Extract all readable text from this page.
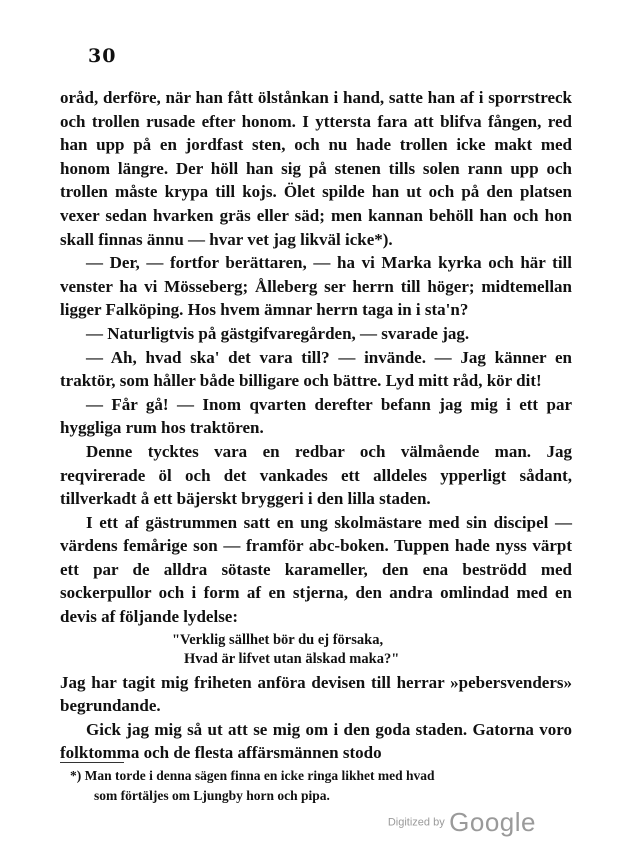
30

oråd, derföre, när han fått ölstånkan i hand, satte han af i sporrstreck och trollen rusade efter honom. I yttersta fara att blifva fången, red han upp på en jordfast sten, och nu hade trollen icke makt med honom längre. Der höll han sig på stenen tills solen rann upp och trollen måste krypa till kojs. Ölet spilde han ut och på den platsen vexer sedan hvarken gräs eller säd; men kannan behöll han och hon skall finnas ännu — hvar vet jag likväl icke*).

— Der, — fortfor berättaren, — ha vi Marka kyrka och här till venster ha vi Mösseberg; Ålleberg ser herrn till höger; midtemellan ligger Falköping. Hos hvem ämnar herrn taga in i sta'n?

— Naturligtvis på gästgifvaregården, — svarade jag.

— Ah, hvad ska' det vara till? — invände. — Jag känner en traktör, som håller både billigare och bättre. Lyd mitt råd, kör dit!

— Får gå! — Inom qvarten derefter befann jag mig i ett par hyggliga rum hos traktören.

Denne tycktes vara en redbar och välmående man. Jag reqvirerade öl och det vankades ett alldeles ypperligt sådant, tillverkadt å ett bäjerskt bryggeri i den lilla staden.

I ett af gästrummen satt en ung skolmästare med sin discipel — värdens femårige son — framför abc-boken. Tuppen hade nyss värpt ett par de alldra sötaste karameller, den ena beströdd med sockerpullor och i form af en stjerna, den andra omlindad med en devis af följande lydelse:

"Verklig sällhet bör du ej försaka,
Hvad är lifvet utan älskad maka?"

Jag har tagit mig friheten anföra devisen till herrar »pebersvenders» begrundande.

Gick jag mig så ut att se mig om i den goda staden. Gatorna voro folktomma och de flesta affärsmännen stodo

*) Man torde i denna sägen finna en icke ringa likhet med hvad
som förtäljes om Ljungby horn och pipa.
Digitized by Google
